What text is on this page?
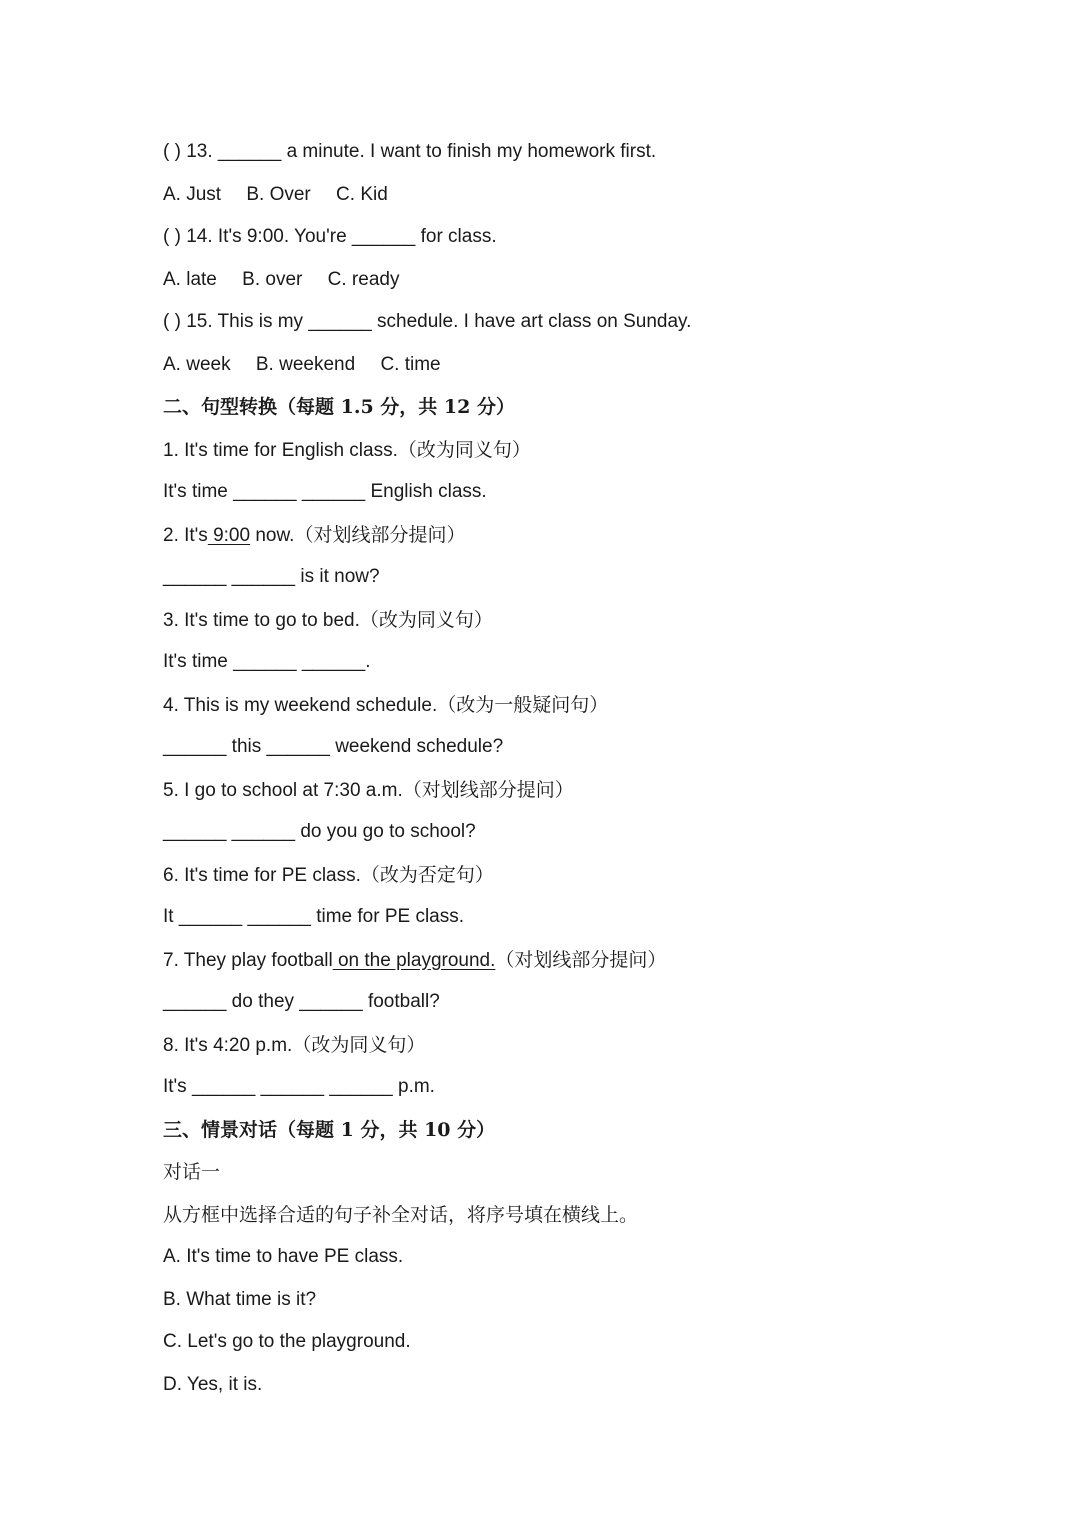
( ) 13. ______ a minute. I want to finish my homework first.
A. Just B. Over C. Kid
( ) 14. It's 9:00. You're ______ for class.
A. late B. over C. ready
( ) 15. This is my ______ schedule. I have art class on Sunday.
A. week B. weekend C. time
二、句型转换（每题 1.5 分，共 12 分）
1. It's time for English class.（改为同义句）
It's time ______ ______ English class.
2. It's 9:00 now.（对划线部分提问）
______ ______ is it now?
3. It's time to go to bed.（改为同义句）
It's time ______ ______.
4. This is my weekend schedule.（改为一般疑问句）
______ this ______ weekend schedule?
5. I go to school at 7:30 a.m.（对划线部分提问）
______ ______ do you go to school?
6. It's time for PE class.（改为否定句）
It ______ ______ time for PE class.
7. They play football on the playground.（对划线部分提问）
______ do they ______ football?
8. It's 4:20 p.m.（改为同义句）
It's ______ ______ ______ p.m.
三、情景对话（每题 1 分，共 10 分）
对话一
从方框中选择合适的句子补全对话，将序号填在横线上。
A. It's time to have PE class.
B. What time is it?
C. Let's go to the playground.
D. Yes, it is.
